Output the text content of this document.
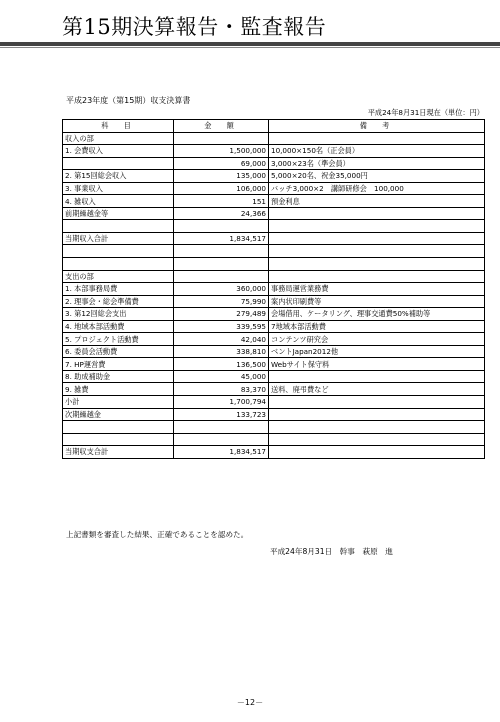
第15期決算報告・監査報告
平成23年度（第15期）収支決算書
平成24年8月31日現在（単位：円）
科　目	金　額	備　考
収入の部		
1. 会費収入	1,500,000	10,000×150名（正会員）
	69,000	3,000×23名（準会員）
2. 第15回総会収入	135,000	5,000×20名、祝金35,000円
3. 事業収入	106,000	バッチ3,000×2　講師研修会　100,000
4. 雑収入	151	預金利息
前期繰越金等	24,366	

当期収入合計	1,834,517	

支出の部		
1. 本部事務局費	360,000	事務局運営業務費
2. 理事会・総会準備費	75,990	案内状印刷費等
3. 第12回総会支出	279,489	会場借用、ケータリング、理事交通費50%補助等
4. 地域本部活動費	339,595	7地域本部活動費
5. プロジェクト活動費	42,040	コンテンツ研究会
6. 委員会活動費	338,810	ベントJapan2012他
7. HP運営費	136,500	Webサイト保守料
8. 助成補助金	45,000	
9. 雑費	83,370	送料、廃弔費など
小計	1,700,794	
次期繰越金	133,723	

当期収支合計	1,834,517	
上記書類を審査した結果、正確であることを認めた。
平成24年8月31日　幹事　萩原　進
－12－
